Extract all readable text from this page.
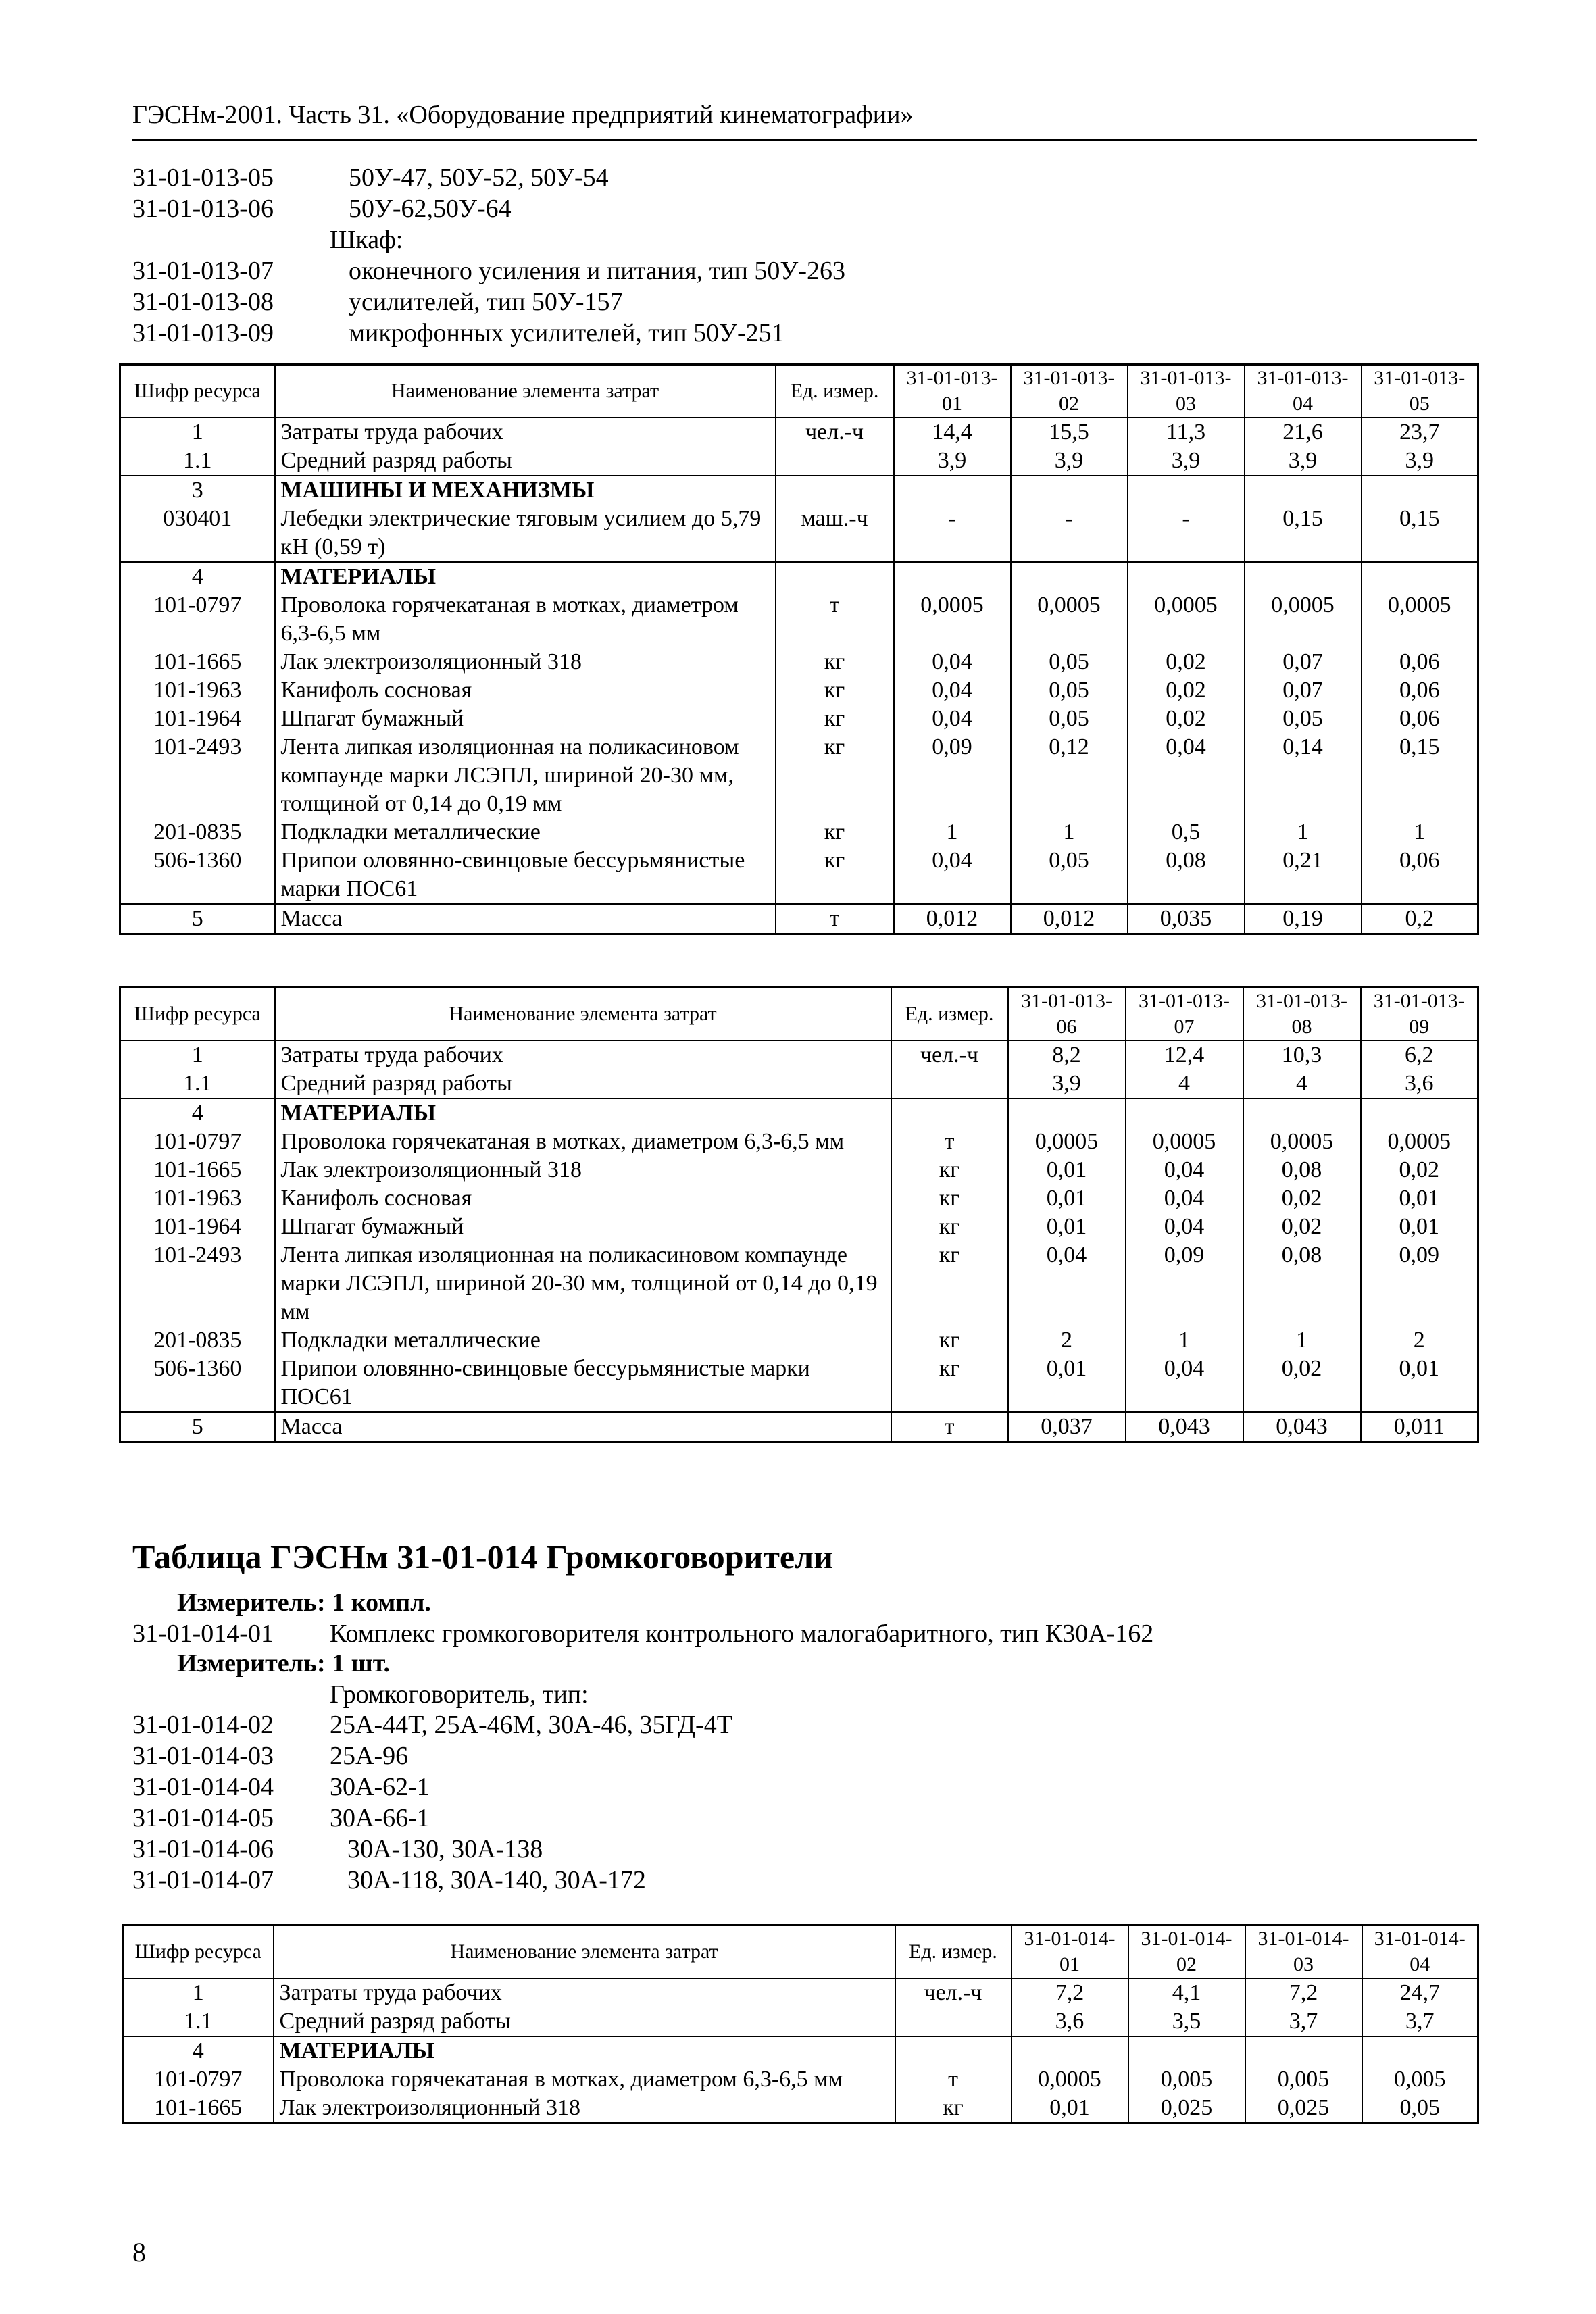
ГЭСНм-2001. Часть 31. «Оборудование предприятий кинематографии»
31-01-013-05	50У-47, 50У-52, 50У-54
31-01-013-06	50У-62,50У-64
Шкаф:
31-01-013-07	оконечного усиления и питания, тип 50У-263
31-01-013-08	усилителей, тип 50У-157
31-01-013-09	микрофонных усилителей, тип 50У-251
Шифр ресурса	Наименование элемента затрат	Ед. измер.	31-01-013-01	31-01-013-02	31-01-013-03	31-01-013-04	31-01-013-05
1	Затраты труда рабочих	чел.-ч	14,4	15,5	11,3	21,6	23,7
1.1	Средний разряд работы		3,9	3,9	3,9	3,9	3,9
3	МАШИНЫ И МЕХАНИЗМЫ						
030401	Лебедки электрические тяговым усилием до 5,79 кН (0,59 т)	маш.-ч	-	-	-	0,15	0,15
4	МАТЕРИАЛЫ						
101-0797	Проволока горячекатаная в мотках, диаметром 6,3-6,5 мм	т	0,0005	0,0005	0,0005	0,0005	0,0005
101-1665	Лак электроизоляционный 318	кг	0,04	0,05	0,02	0,07	0,06
101-1963	Канифоль сосновая	кг	0,04	0,05	0,02	0,07	0,06
101-1964	Шпагат бумажный	кг	0,04	0,05	0,02	0,05	0,06
101-2493	Лента липкая изоляционная на поликасиновом компаунде марки ЛСЭПЛ, шириной 20-30 мм, толщиной от 0,14 до 0,19 мм	кг	0,09	0,12	0,04	0,14	0,15
201-0835	Подкладки металлические	кг	1	1	0,5	1	1
506-1360	Припои оловянно-свинцовые бессурьмянистые марки ПОС61	кг	0,04	0,05	0,08	0,21	0,06
5	Масса	т	0,012	0,012	0,035	0,19	0,2
Шифр ресурса	Наименование элемента затрат	Ед. измер.	31-01-013-06	31-01-013-07	31-01-013-08	31-01-013-09
1	Затраты труда рабочих	чел.-ч	8,2	12,4	10,3	6,2
1.1	Средний разряд работы		3,9	4	4	3,6
4	МАТЕРИАЛЫ					
101-0797	Проволока горячекатаная в мотках, диаметром 6,3-6,5 мм	т	0,0005	0,0005	0,0005	0,0005
101-1665	Лак электроизоляционный 318	кг	0,01	0,04	0,08	0,02
101-1963	Канифоль сосновая	кг	0,01	0,04	0,02	0,01
101-1964	Шпагат бумажный	кг	0,01	0,04	0,02	0,01
101-2493	Лента липкая изоляционная на поликасиновом компаунде марки ЛСЭПЛ, шириной 20-30 мм, толщиной от 0,14 до 0,19 мм	кг	0,04	0,09	0,08	0,09
201-0835	Подкладки металлические	кг	2	1	1	2
506-1360	Припои оловянно-свинцовые бессурьмянистые марки ПОС61	кг	0,01	0,04	0,02	0,01
5	Масса	т	0,037	0,043	0,043	0,011
Таблица ГЭСНм 31-01-014 Громкоговорители
Измеритель: 1 компл.
31-01-014-01 Комплекс громкоговорителя контрольного малогабаритного, тип К30А-162
Измеритель: 1 шт.
Громкоговоритель, тип:
31-01-014-02 25А-44Т, 25А-46М, 30А-46, 35ГД-4Т
31-01-014-03 25А-96
31-01-014-04 30А-62-1
31-01-014-05 30А-66-1
31-01-014-06	30А-130, 30А-138
31-01-014-07	30А-118, 30А-140, 30А-172
Шифр ресурса	Наименование элемента затрат	Ед. измер.	31-01-014-01	31-01-014-02	31-01-014-03	31-01-014-04
1	Затраты труда рабочих	чел.-ч	7,2	4,1	7,2	24,7
1.1	Средний разряд работы		3,6	3,5	3,7	3,7
4	МАТЕРИАЛЫ					
101-0797	Проволока горячекатаная в мотках, диаметром 6,3-6,5 мм	т	0,0005	0,005	0,005	0,005
101-1665	Лак электроизоляционный 318	кг	0,01	0,025	0,025	0,05
8
